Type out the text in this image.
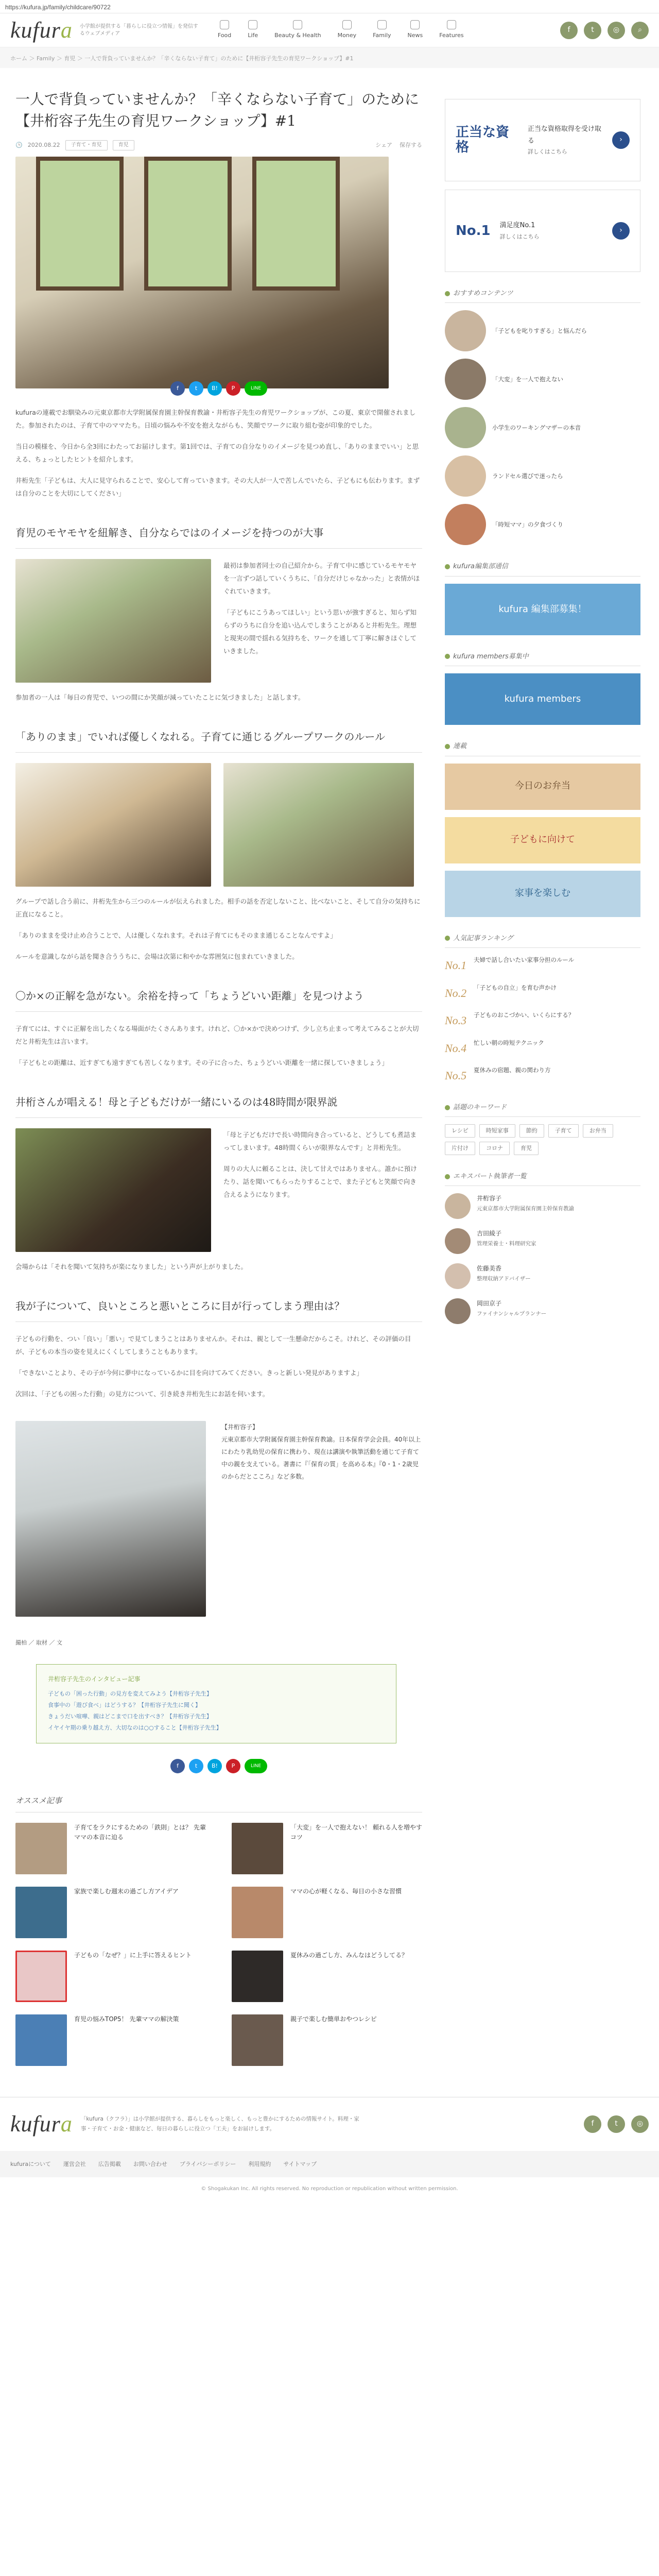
https://kufura.jp/family/childcare/90722
kufura 小学館が提供する「暮らしに役立つ情報」を発信するウェブメディア	Food	Life	Beauty & Health	Money	Family	News	Features
f	t	◎	⌕
ホーム ＞ Family ＞ 育児 ＞ 一人で背負っていませんか？「辛くならない子育て」のために【井桁容子先生の育児ワークショップ】#1
一人で背負っていませんか？「辛くならない子育て」のために【井桁容子先生の育児ワークショップ】#1
🕒 2020.08.22	子育て・育児	育児	シェア 保存する
f	t	B!	P	LINE

kufuraの連載でお馴染みの元東京都市大学附属保育園主幹保育教諭・井桁容子先生の育児ワークショップが、この夏、東京で開催されました。参加されたのは、子育て中のママたち。日頃の悩みや不安を抱えながらも、笑顔でワークに取り組む姿が印象的でした。

当日の模様を、今日から全3回にわたってお届けします。第1回では、子育ての自分なりのイメージを見つめ直し、「ありのままでいい」と思える、ちょっとしたヒントを紹介します。

井桁先生「子どもは、大人に見守られることで、安心して育っていきます。その大人が一人で苦しんでいたら、子どもにも伝わります。まずは自分のことを大切にしてください」

育児のモヤモヤを紐解き、自分ならではのイメージを持つのが大事

最初は参加者同士の自己紹介から。子育て中に感じているモヤモヤを一言ずつ話していくうちに、「自分だけじゃなかった」と表情がほぐれていきます。

「子どもにこうあってほしい」という思いが強すぎると、知らず知らずのうちに自分を追い込んでしまうことがあると井桁先生。理想と現実の間で揺れる気持ちを、ワークを通して丁寧に解きほぐしていきました。

参加者の一人は「毎日の育児で、いつの間にか笑顔が減っていたことに気づきました」と話します。

「ありのまま」でいれば優しくなれる。子育てに通じるグループワークのルール

グループで話し合う前に、井桁先生から三つのルールが伝えられました。相手の話を否定しないこと、比べないこと、そして自分の気持ちに正直になること。

「ありのままを受け止め合うことで、人は優しくなれます。それは子育てにもそのまま通じることなんですよ」

ルールを意識しながら話を聞き合ううちに、会場は次第に和やかな雰囲気に包まれていきました。

〇か×の正解を急がない。余裕を持って「ちょうどいい距離」を見つけよう

子育てには、すぐに正解を出したくなる場面がたくさんあります。けれど、〇か×かで決めつけず、少し立ち止まって考えてみることが大切だと井桁先生は言います。

「子どもとの距離は、近すぎても遠すぎても苦しくなります。その子に合った、ちょうどいい距離を一緒に探していきましょう」

井桁さんが唱える！母と子どもだけが一緒にいるのは48時間が限界説

「母と子どもだけで長い時間向き合っていると、どうしても煮詰まってしまいます。48時間くらいが限界なんです」と井桁先生。

周りの大人に頼ることは、決して甘えではありません。誰かに預けたり、話を聞いてもらったりすることで、また子どもと笑顔で向き合えるようになります。

会場からは「それを聞いて気持ちが楽になりました」という声が上がりました。

我が子について、良いところと悪いところに目が行ってしまう理由は？

子どもの行動を、つい「良い」「悪い」で見てしまうことはありませんか。それは、親として一生懸命だからこそ。けれど、その評価の目が、子どもの本当の姿を見えにくくしてしまうこともあります。

「できないことより、その子が今何に夢中になっているかに目を向けてみてください。きっと新しい発見がありますよ」

次回は、「子どもの困った行動」の見方について、引き続き井桁先生にお話を伺います。

【井桁容子】
元東京都市大学附属保育園主幹保育教諭。日本保育学会会員。40年以上にわたり乳幼児の保育に携わり、現在は講演や執筆活動を通じて子育て中の親を支えている。著書に『「保育の質」を高める本』『0・1・2歳児のからだとこころ』など多数。

撮柏 ／ 取材 ／ 文

井桁容子先生のインタビュー記事
子どもの「困った行動」の見方を変えてみよう【井桁容子先生】
食事中の「遊び食べ」はどうする？【井桁容子先生に聞く】
きょうだい喧嘩、親はどこまで口を出すべき？【井桁容子先生】
イヤイヤ期の乗り越え方、大切なのは○○すること【井桁容子先生】
f	t	B!	P	LINE
オススメ記事
子育てをラクにするための「鉄則」とは？ 先輩ママの本音に迫る
「大変」を一人で抱えない！ 頼れる人を増やすコツ
家族で楽しむ週末の過ごし方アイデア	ママの心が軽くなる、毎日の小さな習慣
子どもの「なぜ？」に上手に答えるヒント	夏休みの過ごし方、みんなはどうしてる？
育児の悩みTOP5！ 先輩ママの解決策	親子で楽しむ簡単おやつレシピ
正当な資格
正当な資格取得を受け取る
詳しくはこちら
›
No.1 満足度No.1
詳しくはこちら
›
おすすめコンテンツ
「子どもを叱りすぎる」と悩んだら
「大変」を一人で抱えない
小学生のワーキングマザーの本音
ランドセル選びで迷ったら
「時短ママ」の夕食づくり
kufura編集部通信
kufura 編集部募集！
kufura members募集中
kufura members
連載
今日のお弁当
子どもに向けて
家事を楽しむ
人気記事ランキング
No.1 夫婦で話し合いたい家事分担のルール
No.2 「子どもの自立」を育む声かけ
No.3 子どものおこづかい、いくらにする？
No.4 忙しい朝の時短テクニック
No.5 夏休みの宿題、親の関わり方
話題のキーワード
レシピ	時短家事	節約	子育て	お弁当
片付け	コロナ	育児
エキスパート執筆者一覧
井桁容子
元東京都市大学附属保育園主幹保育教諭
吉田綾子
管理栄養士・料理研究家
佐藤美香
整理収納アドバイザー
岡田京子
ファイナンシャルプランナー
kufura 「kufura（クフラ）」は小学館が提供する、暮らしをもっと楽しく、もっと豊かにするための情報サイト。料理・家事・子育て・お金・健康など、毎日の暮らしに役立つ「工夫」をお届けします。
f	t	◎
kufuraについて 運営会社 広告掲載 お問い合わせ プライバシーポリシー 利用規約 サイトマップ
© Shogakukan Inc. All rights reserved. No reproduction or republication without written permission.
